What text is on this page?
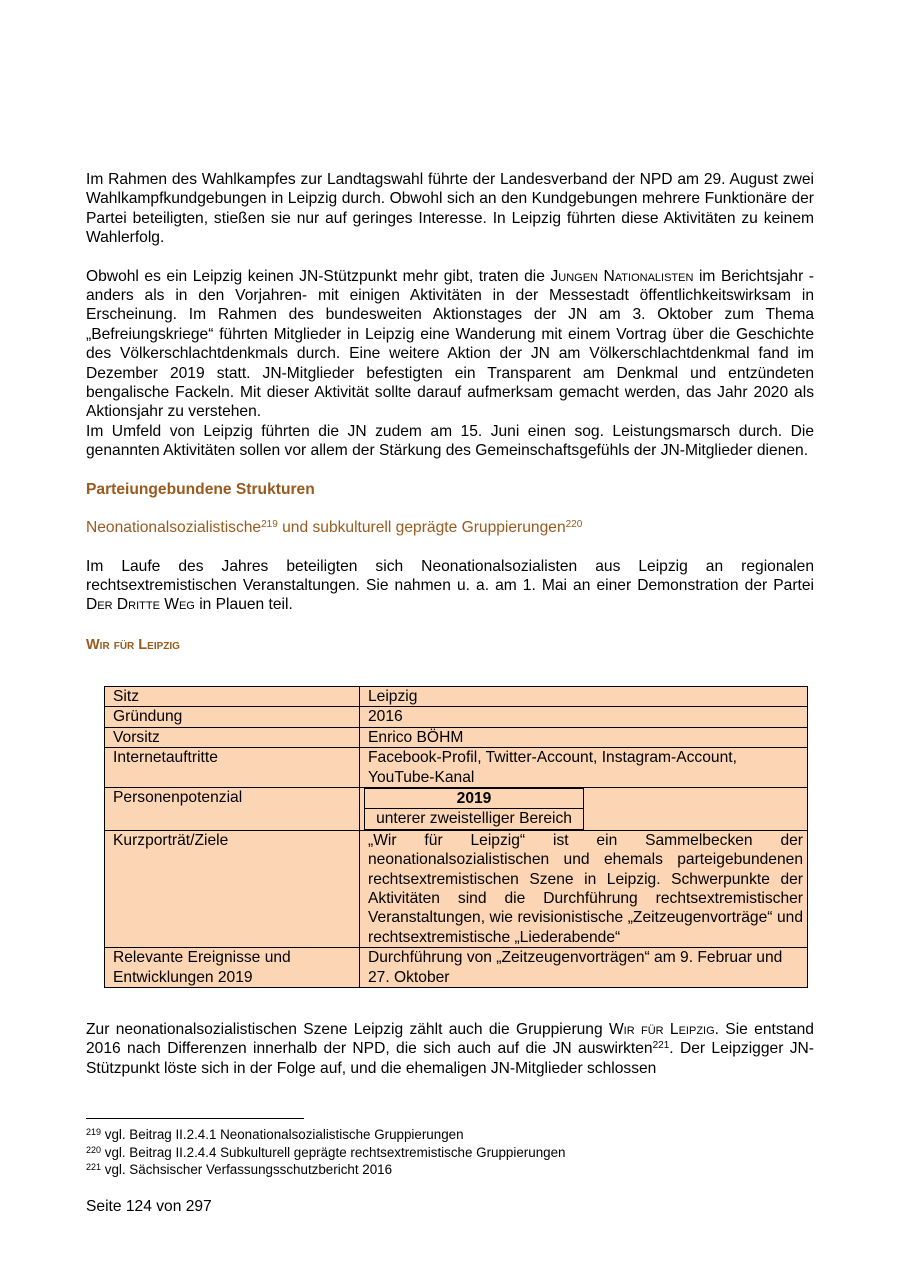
Im Rahmen des Wahlkampfes zur Landtagswahl führte der Landesverband der NPD am 29. August zwei Wahlkampfkundgebungen in Leipzig durch. Obwohl sich an den Kundgebungen mehrere Funktionäre der Partei beteiligten, stießen sie nur auf geringes Interesse. In Leipzig führten diese Aktivitäten zu keinem Wahlerfolg.

Obwohl es ein Leipzig keinen JN-Stützpunkt mehr gibt, traten die Jungen Nationalisten im Berichtsjahr -anders als in den Vorjahren- mit einigen Aktivitäten in der Messestadt öffentlichkeitswirksam in Erscheinung. Im Rahmen des bundesweiten Aktionstages der JN am 3. Oktober zum Thema „Befreiungskriege“ führten Mitglieder in Leipzig eine Wanderung mit einem Vortrag über die Geschichte des Völkerschlachtdenkmals durch. Eine weitere Aktion der JN am Völkerschlachtdenkmal fand im Dezember 2019 statt. JN-Mitglieder befestigten ein Transparent am Denkmal und entzündeten bengalische Fackeln. Mit dieser Aktivität sollte darauf aufmerksam gemacht werden, das Jahr 2020 als Aktionsjahr zu verstehen.

Im Umfeld von Leipzig führten die JN zudem am 15. Juni einen sog. Leistungsmarsch durch. Die genannten Aktivitäten sollen vor allem der Stärkung des Gemeinschaftsgefühls der JN-Mitglieder dienen.

Parteiungebundene Strukturen
Neonationalsozialistische$^{219}$ und subkulturell geprägte Gruppierungen$^{220}$

Im Laufe des Jahres beteiligten sich Neonationalsozialisten aus Leipzig an regionalen rechtsextremistischen Veranstaltungen. Sie nahmen u. a. am 1. Mai an einer Demonstration der Partei Der Dritte Weg in Plauen teil.

Wir für Leipzig
Sitz	Leipzig
Gründung	2016
Vorsitz	Enrico BÖHM
Internetauftritte	Facebook-Profil, Twitter-Account, Instagram-Account, YouTube-Kanal
Personenpotenzial		2019
unterer zweistelliger Bereich

Kurzporträt/Ziele	„Wir für Leipzig“ ist ein Sammelbecken der neonationalsozialistischen und ehemals parteigebundenen rechtsextremistischen Szene in Leipzig. Schwerpunkte der Aktivitäten sind die Durchführung rechtsextremistischer Veranstaltungen, wie revisionistische „Zeitzeugenvorträge“ und rechtsextremistische „Liederabende“
Relevante Ereignisse und Entwicklungen 2019	Durchführung von „Zeitzeugenvorträgen“ am 9. Februar und 27. Oktober

Zur neonationalsozialistischen Szene Leipzig zählt auch die Gruppierung Wir für Leipzig. Sie entstand 2016 nach Differenzen innerhalb der NPD, die sich auch auf die JN auswirkten$^{221}$. Der Leipzigger JN-Stützpunkt löste sich in der Folge auf, und die ehemaligen JN-Mitglieder schlossen

$^{219}$ vgl. Beitrag II.2.4.1 Neonationalsozialistische Gruppierungen
$^{220}$ vgl. Beitrag II.2.4.4 Subkulturell geprägte rechtsextremistische Gruppierungen
$^{221}$ vgl. Sächsischer Verfassungsschutzbericht 2016
Seite 124 von 297
